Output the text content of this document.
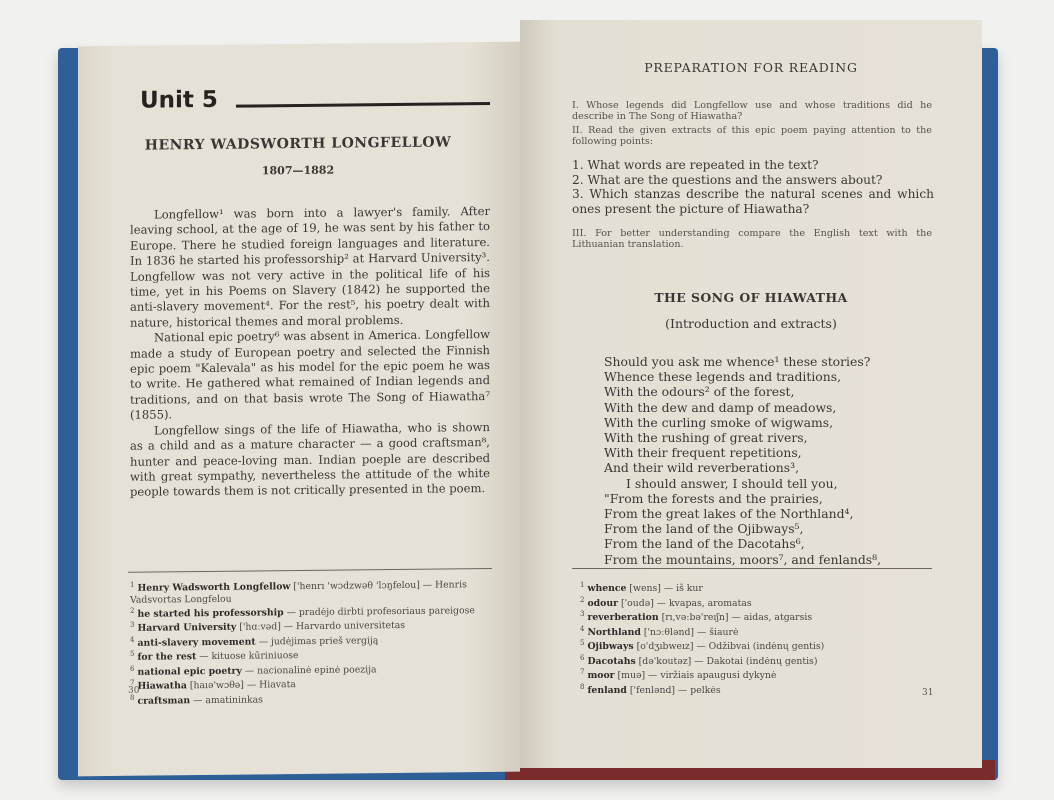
Unit 5
HENRY WADSWORTH LONGFELLOW
1807—1882

Longfellow¹ was born into a lawyer's family. After leaving school, at the age of 19, he was sent by his father to Europe. There he studied foreign languages and literature. In 1836 he started his professorship² at Harvard University³. Longfellow was not very active in the political life of his time, yet in his Poems on Slavery (1842) he supported the anti-slavery movement⁴. For the rest⁵, his poetry dealt with nature, historical themes and moral problems.

National epic poetry⁶ was absent in America. Longfellow made a study of European poetry and selected the Finnish epic poem "Kalevala" as his model for the epic poem he was to write. He gathered what remained of Indian legends and traditions, and on that basis wrote The Song of Hiawatha⁷ (1855).

Longfellow sings of the life of Hiawatha, who is shown as a child and as a mature character — a good craftsman⁸, hunter and peace-loving man. Indian poeple are described with great sympathy, nevertheless the attitude of the white people towards them is not critically presented in the poem.

$^1$ Henry Wadsworth Longfellow ['henrı 'wɔdzwəθ 'lɔŋfelou] — Henris Vadsvortas Longfelou
$^2$ he started his professorship — pradėjo dirbti profesoriaus pareigose
$^3$ Harvard University ['hɑːvəd] — Harvardo universitetas
$^4$ anti-slavery movement — judėjimas prieš vergiją
$^5$ for the rest — kituose kūriniuose
$^6$ national epic poetry — nacionalinė epinė poezija
$^7$ Hiawatha [haıə'wɔθə] — Hiavata
$^8$ craftsman — amatininkas
30
PREPARATION FOR READING
I. Whose legends did Longfellow use and whose traditions did he describe in The Song of Hiawatha?
II. Read the given extracts of this epic poem paying attention to the following points:
1. What words are repeated in the text?
2. What are the questions and the answers about?
3. Which stanzas describe the natural scenes and which ones present the picture of Hiawatha?
III. For better understanding compare the English text with the Lithuanian translation.
THE SONG OF HIAWATHA
(Introduction and extracts)
Should you ask me whence¹ these stories?
Whence these legends and traditions,
With the odours² of the forest,
With the dew and damp of meadows,
With the curling smoke of wigwams,
With the rushing of great rivers,
With their frequent repetitions,
And their wild reverberations³,
I should answer, I should tell you,
"From the forests and the prairies,
From the great lakes of the Northland⁴,
From the land of the Ojibways⁵,
From the land of the Dacotahs⁶,
From the mountains, moors⁷, and fenlands⁸,
$^1$ whence [wens] — iš kur
$^2$ odour ['oudə] — kvapas, aromatas
$^3$ reverberation [rı,vəːbə'reıʃn] — aidas, atgarsis
$^4$ Northland ['nɔːθlənd] — šiaurė
$^5$ Ojibways [o'dʒıbweız] — Odžibvai (indėnų gentis)
$^6$ Dacotahs [də'koutəz] — Dakotai (indėnų gentis)
$^7$ moor [muə] — viržiais apaugusi dykynė
$^8$ fenland ['fenlənd] — pelkės	31
